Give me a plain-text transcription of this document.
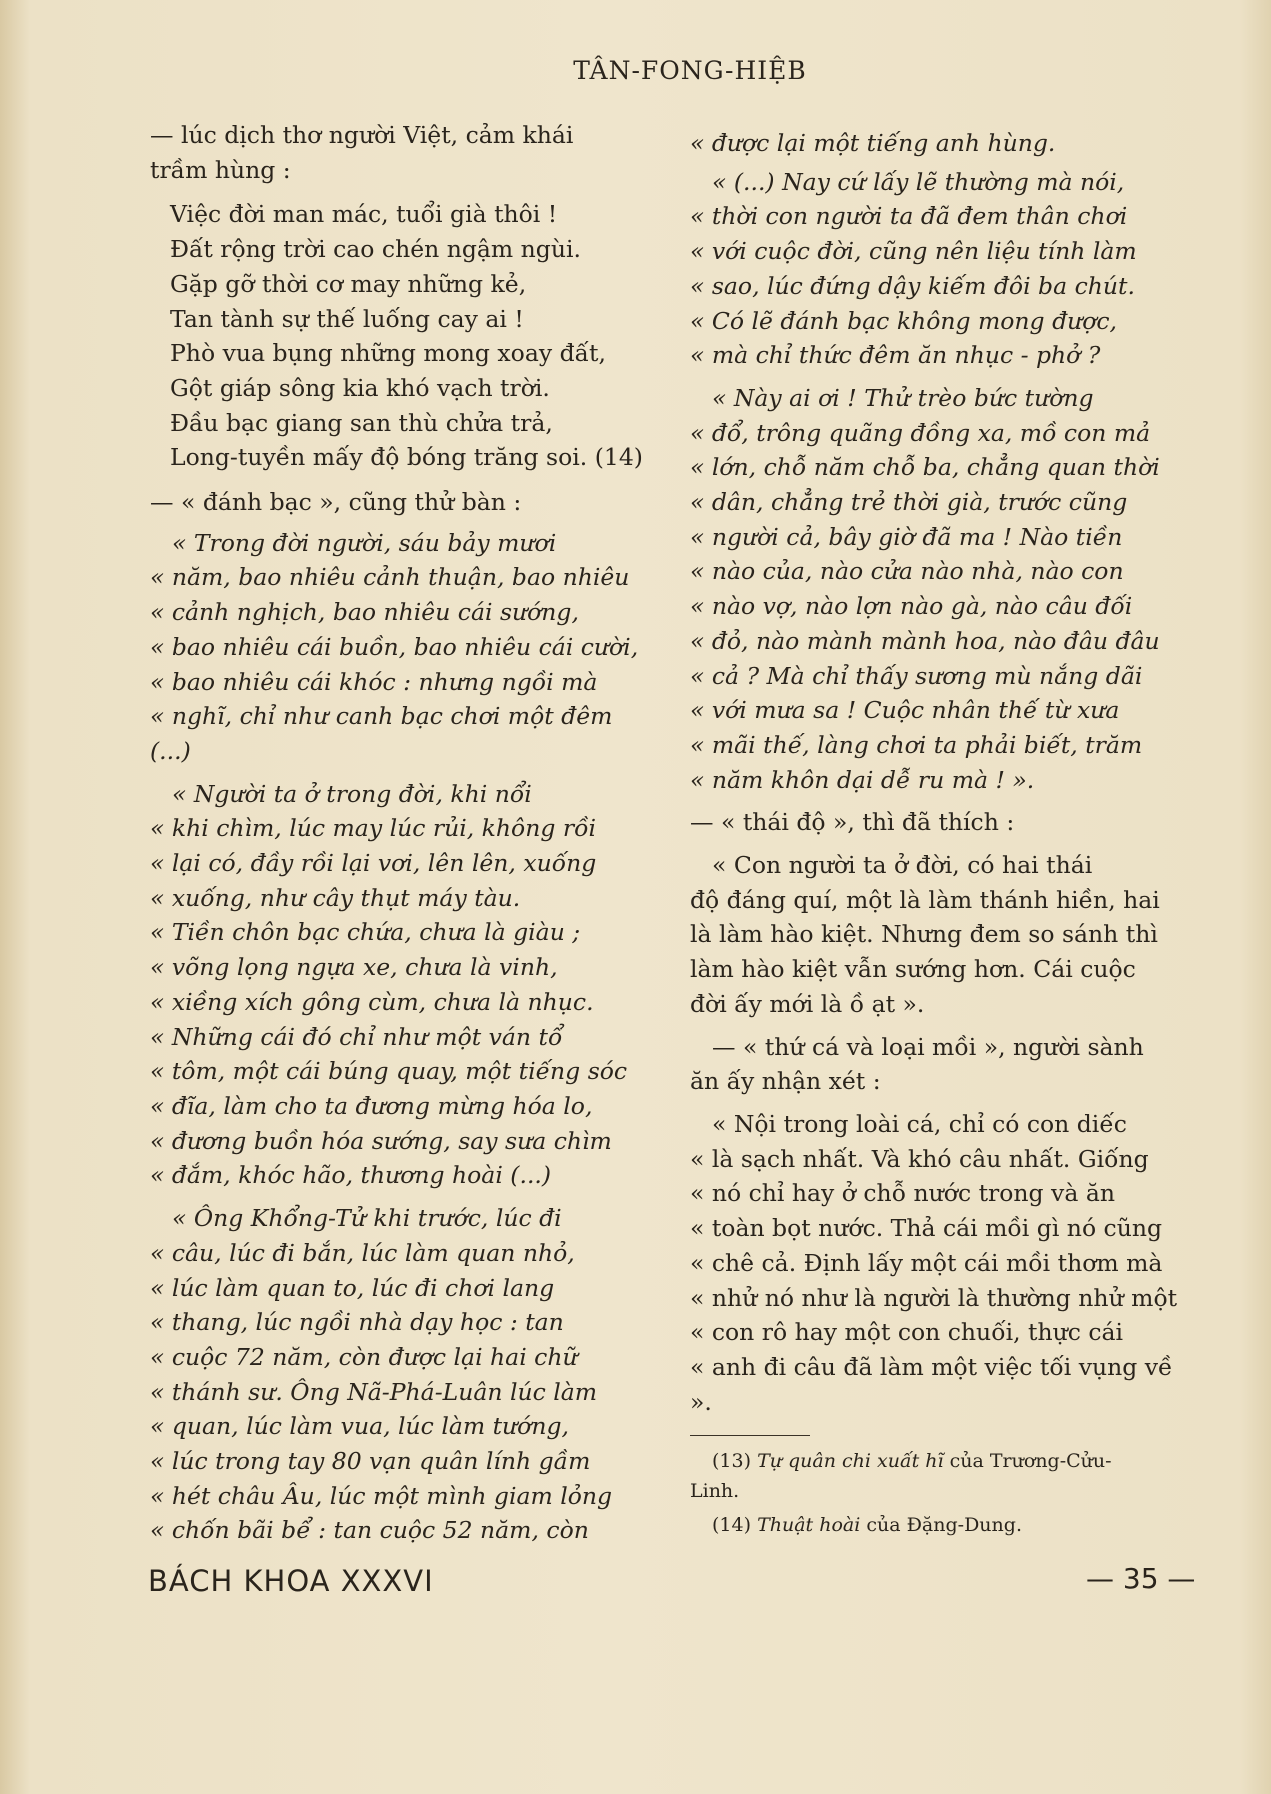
TÂN-FONG-HIỆB

— lúc dịch thơ người Việt, cảm khái
trầm hùng :

Việc đời man mác, tuổi già thôi !
Đất rộng trời cao chén ngậm ngùi.
Gặp gỡ thời cơ may những kẻ,
Tan tành sự thế luống cay ai !
Phò vua bụng những mong xoay đất,
Gột giáp sông kia khó vạch trời.
Đầu bạc giang san thù chửa trả,
Long-tuyền mấy độ bóng trăng soi. (14)

— « đánh bạc », cũng thử bàn :

« Trong đời người, sáu bảy mươi
« năm, bao nhiêu cảnh thuận, bao nhiêu
« cảnh nghịch, bao nhiêu cái sướng,
« bao nhiêu cái buồn, bao nhiêu cái cười,
« bao nhiêu cái khóc : nhưng ngồi mà
« nghĩ, chỉ như canh bạc chơi một đêm (...)
« Người ta ở trong đời, khi nổi
« khi chìm, lúc may lúc rủi, không rồi
« lại có, đầy rồi lại vơi, lên lên, xuống
« xuống, như cây thụt máy tàu.
« Tiền chôn bạc chứa, chưa là giàu ;
« võng lọng ngựa xe, chưa là vinh,
« xiềng xích gông cùm, chưa là nhục.
« Những cái đó chỉ như một ván tổ
« tôm, một cái búng quay, một tiếng sóc
« đĩa, làm cho ta đương mừng hóa lo,
« đương buồn hóa sướng, say sưa chìm
« đắm, khóc hão, thương hoài (...)
« Ông Khổng-Tử khi trước, lúc đi
« câu, lúc đi bắn, lúc làm quan nhỏ,
« lúc làm quan to, lúc đi chơi lang
« thang, lúc ngồi nhà dạy học : tan
« cuộc 72 năm, còn được lại hai chữ
« thánh sư. Ông Nã-Phá-Luân lúc làm
« quan, lúc làm vua, lúc làm tướng,
« lúc trong tay 80 vạn quân lính gầm
« hét châu Âu, lúc một mình giam lỏng
« chốn bãi bể : tan cuộc 52 năm, còn
« được lại một tiếng anh hùng.
« (...) Nay cứ lấy lẽ thường mà nói,
« thời con người ta đã đem thân chơi
« với cuộc đời, cũng nên liệu tính làm
« sao, lúc đứng dậy kiếm đôi ba chút.
« Có lẽ đánh bạc không mong được,
« mà chỉ thức đêm ăn nhục - phở ?
« Này ai ơi ! Thử trèo bức tường
« đổ, trông quãng đồng xa, mồ con mả
« lớn, chỗ năm chỗ ba, chẳng quan thời
« dân, chẳng trẻ thời già, trước cũng
« người cả, bây giờ đã ma ! Nào tiền
« nào của, nào cửa nào nhà, nào con
« nào vợ, nào lợn nào gà, nào câu đối
« đỏ, nào mành mành hoa, nào đâu đâu
« cả ? Mà chỉ thấy sương mù nắng dãi
« với mưa sa ! Cuộc nhân thế từ xưa
« mãi thế, làng chơi ta phải biết, trăm
« năm khôn dại dễ ru mà ! ».
— « thái độ », thì đã thích :
« Con người ta ở đời, có hai thái
độ đáng quí, một là làm thánh hiền, hai
là làm hào kiệt. Nhưng đem so sánh thì
làm hào kiệt vẫn sướng hơn. Cái cuộc
đời ấy mới là ồ ạt ».
— « thứ cá và loại mồi », người sành
ăn ấy nhận xét :
« Nội trong loài cá, chỉ có con diếc
« là sạch nhất. Và khó câu nhất. Giống
« nó chỉ hay ở chỗ nước trong và ăn
« toàn bọt nước. Thả cái mồi gì nó cũng
« chê cả. Định lấy một cái mồi thơm mà
« nhử nó như là người là thường nhử một
« con rô hay một con chuối, thực cái
« anh đi câu đã làm một việc tối vụng về ».
(13) Tự quân chi xuất hĩ của Trương-Cửu-
Linh.
(14) Thuật hoài của Đặng-Dung.
BÁCH KHOA XXXVI	— 35 —
